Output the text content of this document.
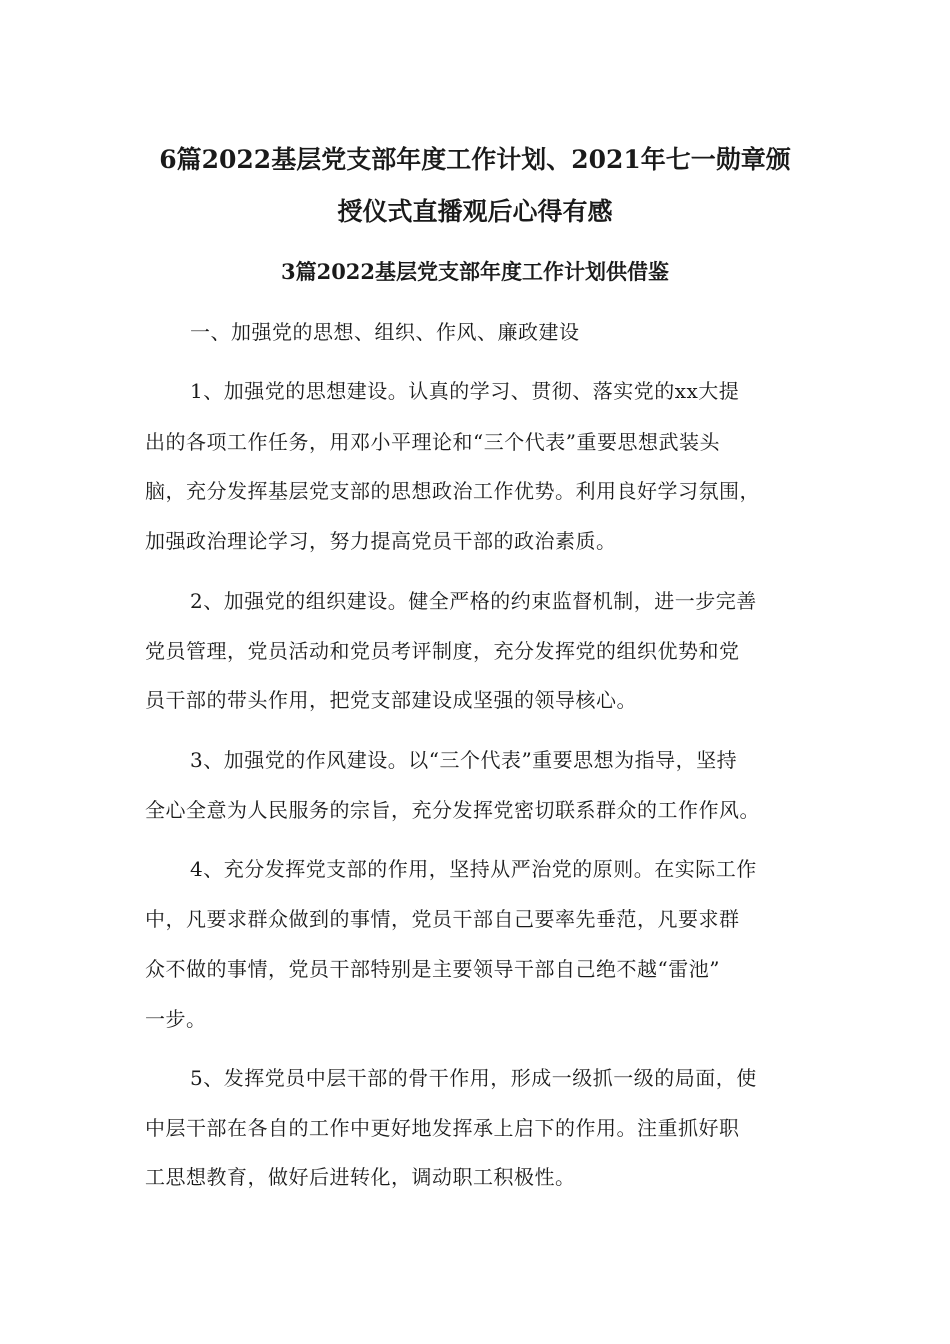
6篇2022基层党支部年度工作计划、2021年七一勋章颁
授仪式直播观后心得有感
3篇2022基层党支部年度工作计划供借鉴

一、加强党的思想、组织、作风、廉政建设

1、加强党的思想建设。认真的学习、贯彻、落实党的xx大提

出的各项工作任务，用邓小平理论和“三个代表”重要思想武装头

脑，充分发挥基层党支部的思想政治工作优势。利用良好学习氛围，

加强政治理论学习，努力提高党员干部的政治素质。

2、加强党的组织建设。健全严格的约束监督机制，进一步完善

党员管理，党员活动和党员考评制度，充分发挥党的组织优势和党

员干部的带头作用，把党支部建设成坚强的领导核心。

3、加强党的作风建设。以“三个代表”重要思想为指导，坚持

全心全意为人民服务的宗旨，充分发挥党密切联系群众的工作作风。

4、充分发挥党支部的作用，坚持从严治党的原则。在实际工作

中，凡要求群众做到的事情，党员干部自己要率先垂范，凡要求群

众不做的事情，党员干部特别是主要领导干部自己绝不越“雷池”

一步。

5、发挥党员中层干部的骨干作用，形成一级抓一级的局面，使

中层干部在各自的工作中更好地发挥承上启下的作用。注重抓好职

工思想教育，做好后进转化，调动职工积极性。
